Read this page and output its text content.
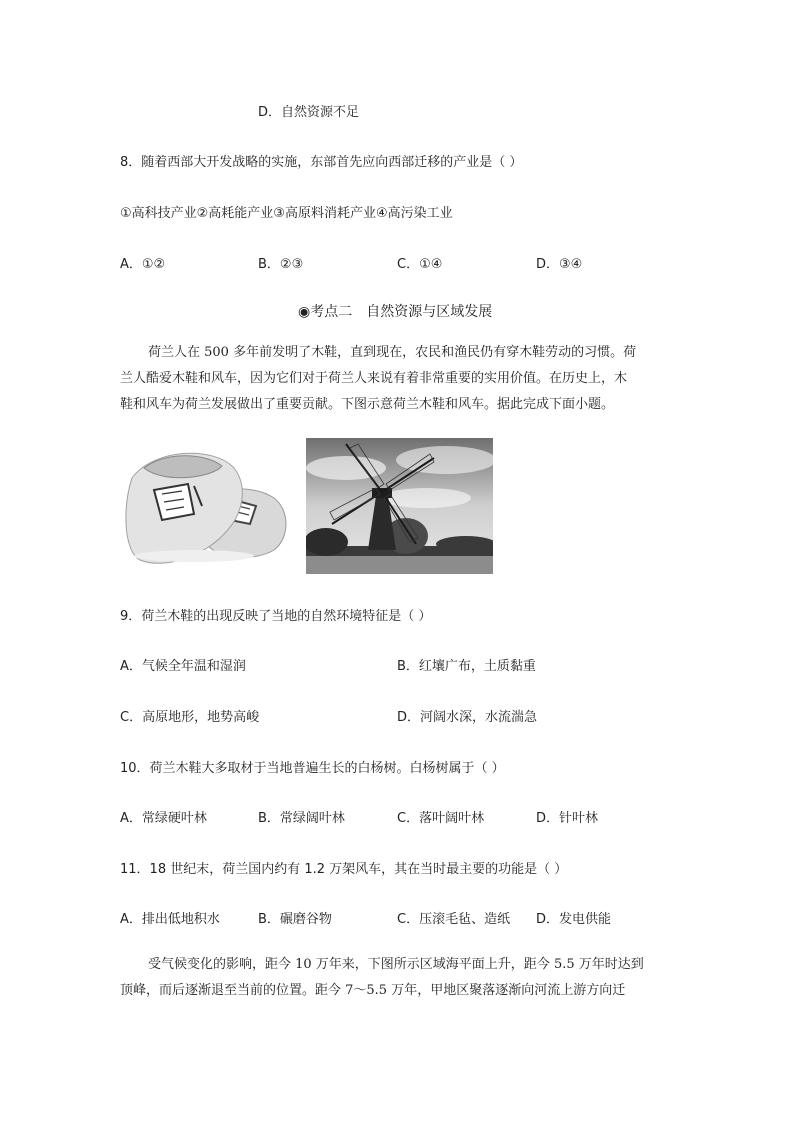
D．自然资源不足
8．随着西部大开发战略的实施，东部首先应向西部迁移的产业是（ ）
①高科技产业②高耗能产业③高原料消耗产业④高污染工业
A．①②	B．②③	C．①④	D．③④
◉考点二　自然资源与区域发展

荷兰人在 500 多年前发明了木鞋，直到现在，农民和渔民仍有穿木鞋劳动的习惯。荷

兰人酷爱木鞋和风车，因为它们对于荷兰人来说有着非常重要的实用价值。在历史上，木

鞋和风车为荷兰发展做出了重要贡献。下图示意荷兰木鞋和风车。据此完成下面小题。

9．荷兰木鞋的出现反映了当地的自然环境特征是（ ）
A．气候全年温和湿润	B．红壤广布，土质黏重
C．高原地形，地势高峻	D．河阔水深，水流湍急
10．荷兰木鞋大多取材于当地普遍生长的白杨树。白杨树属于（ ）
A．常绿硬叶林	B．常绿阔叶林	C．落叶阔叶林	D．针叶林
11．18 世纪末，荷兰国内约有 1.2 万架风车，其在当时最主要的功能是（ ）
A．排出低地积水	B．碾磨谷物	C．压滚毛毡、造纸 D．发电供能

受气候变化的影响，距今 10 万年来，下图所示区域海平面上升，距今 5.5 万年时达到

顶峰，而后逐渐退至当前的位置。距今 7～5.5 万年，甲地区聚落逐渐向河流上游方向迁
